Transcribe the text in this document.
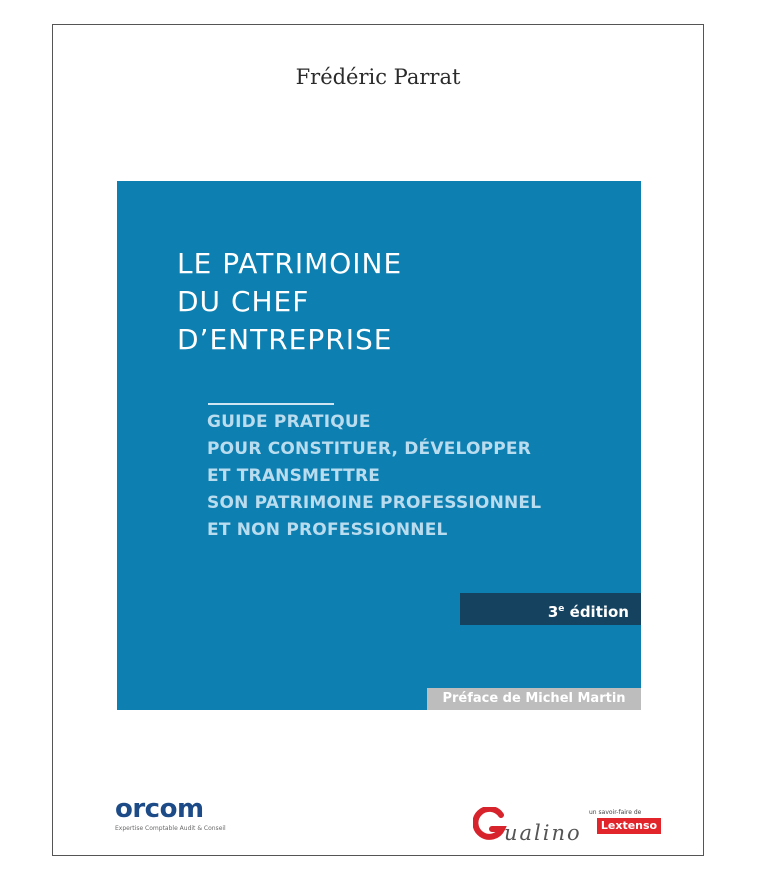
Frédéric Parrat
LE PATRIMOINE
DU CHEF
D’ENTREPRISE
GUIDE PRATIQUE
POUR CONSTITUER, DÉVELOPPER
ET TRANSMETTRE
SON PATRIMOINE PROFESSIONNEL
ET NON PROFESSIONNEL
3e édition
Préface de Michel Martin
orcom
Expertise Comptable Audit & Conseil	ualino
un savoir-faire de
Lextenso
